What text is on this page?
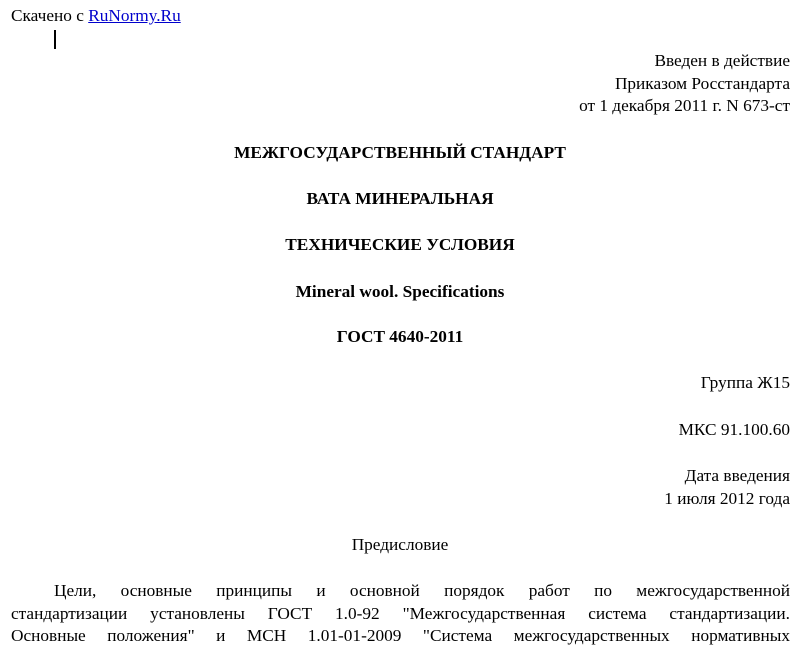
Скачено с RuNormy.Ru
Введен в действие
Приказом Росстандарта
от 1 декабря 2011 г. N 673-ст
МЕЖГОСУДАРСТВЕННЫЙ СТАНДАРТ
ВАТА МИНЕРАЛЬНАЯ
ТЕХНИЧЕСКИЕ УСЛОВИЯ
Mineral wool. Specifications
ГОСТ 4640-2011
Группа Ж15
МКС 91.100.60
Дата введения
1 июля 2012 года
Предисловие
Цели, основные принципы и основной порядок работ по межгосударственной
стандартизации установлены ГОСТ 1.0-92 "Межгосударственная система стандартизации.
Основные положения" и МСН 1.01-01-2009 "Система межгосударственных нормативных
